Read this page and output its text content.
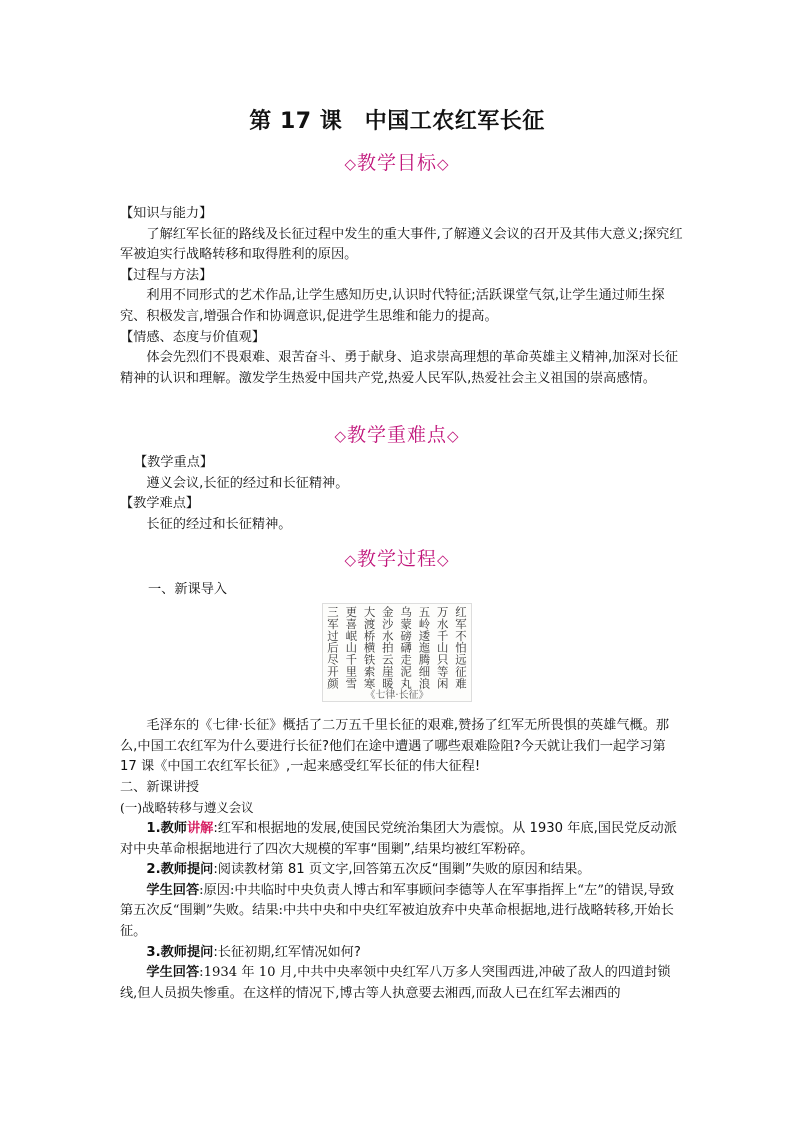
第 17 课　中国工农红军长征
◇教学目标◇
【知识与能力】

了解红军长征的路线及长征过程中发生的重大事件,了解遵义会议的召开及其伟大意义;探究红军被迫实行战略转移和取得胜利的原因。

【过程与方法】

利用不同形式的艺术作品,让学生感知历史,认识时代特征;活跃课堂气氛,让学生通过师生探究、积极发言,增强合作和协调意识,促进学生思维和能力的提高。

【情感、态度与价值观】

体会先烈们不畏艰难、艰苦奋斗、勇于献身、追求崇高理想的革命英雄主义精神,加深对长征精神的认识和理解。激发学生热爱中国共产党,热爱人民军队,热爱社会主义祖国的崇高感情。

◇教学重难点◇
【教学重点】

遵义会议,长征的经过和长征精神。

【教学难点】

长征的经过和长征精神。

◇教学过程◇
一、新课导入
红军不怕远征难
万水千山只等闲
五岭逶迤腾细浪
乌蒙磅礴走泥丸
金沙水拍云崖暖
大渡桥横铁索寒
更喜岷山千里雪
三军过后尽开颜
《七律·长征》

毛泽东的《七律·长征》概括了二万五千里长征的艰难,赞扬了红军无所畏惧的英雄气概。那么,中国工农红军为什么要进行长征?他们在途中遭遇了哪些艰难险阻?今天就让我们一起学习第 17 课《中国工农红军长征》,一起来感受红军长征的伟大征程!

二、新课讲授
(一)战略转移与遵义会议

1.教师讲解:红军和根据地的发展,使国民党统治集团大为震惊。从 1930 年底,国民党反动派对中央革命根据地进行了四次大规模的军事“围剿”,结果均被红军粉碎。

2.教师提问:阅读教材第 81 页文字,回答第五次反“围剿”失败的原因和结果。

学生回答:原因:中共临时中央负责人博古和军事顾问李德等人在军事指挥上“左”的错误,导致第五次反“围剿”失败。结果:中共中央和中央红军被迫放弃中央革命根据地,进行战略转移,开始长征。

3.教师提问:长征初期,红军情况如何?

学生回答:1934 年 10 月,中共中央率领中央红军八万多人突围西进,冲破了敌人的四道封锁线,但人员损失惨重。在这样的情况下,博古等人执意要去湘西,而敌人已在红军去湘西的
